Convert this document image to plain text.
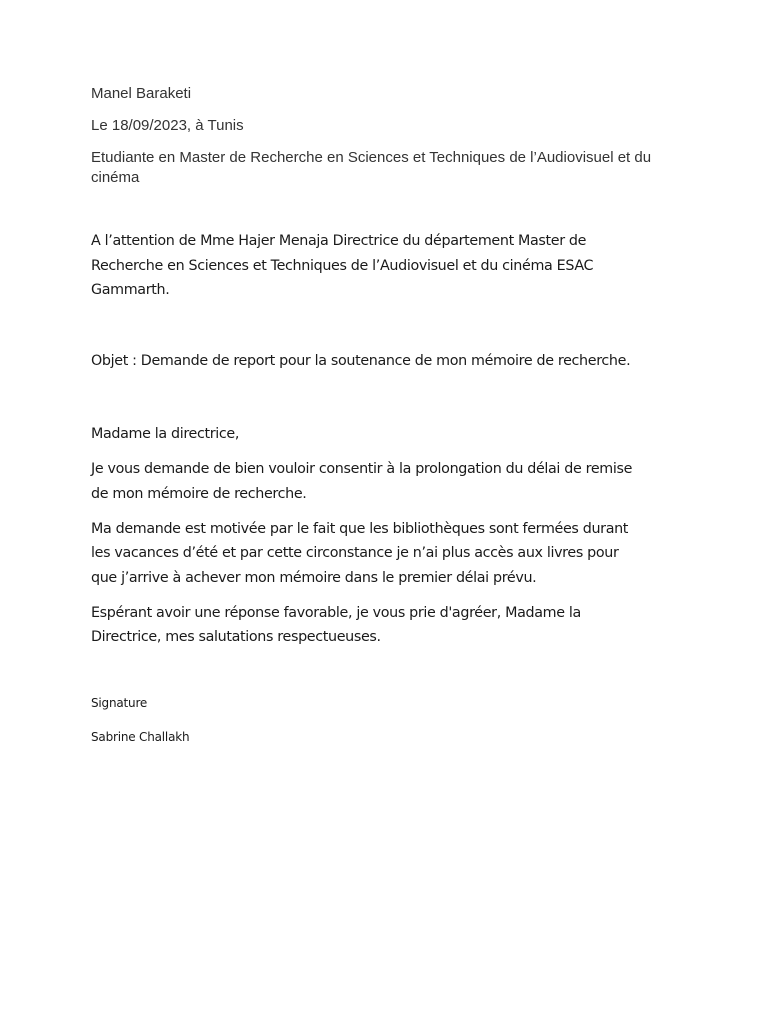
Manel Baraketi

Le 18/09/2023, à Tunis

Etudiante en Master de Recherche en Sciences et Techniques de l’Audiovisuel et du

cinéma

A l’attention de Mme Hajer Menaja Directrice du département Master de

Recherche en Sciences et Techniques de l’Audiovisuel et du cinéma ESAC

Gammarth.

Objet : Demande de report pour la soutenance de mon mémoire de recherche.

Madame la directrice,

Je vous demande de bien vouloir consentir à la prolongation du délai de remise

de mon mémoire de recherche.

Ma demande est motivée par le fait que les bibliothèques sont fermées durant

les vacances d’été et par cette circonstance je n’ai plus accès aux livres pour

que j’arrive à achever mon mémoire dans le premier délai prévu.

Espérant avoir une réponse favorable, je vous prie d'agréer, Madame la

Directrice, mes salutations respectueuses.

Signature

Sabrine Challakh
